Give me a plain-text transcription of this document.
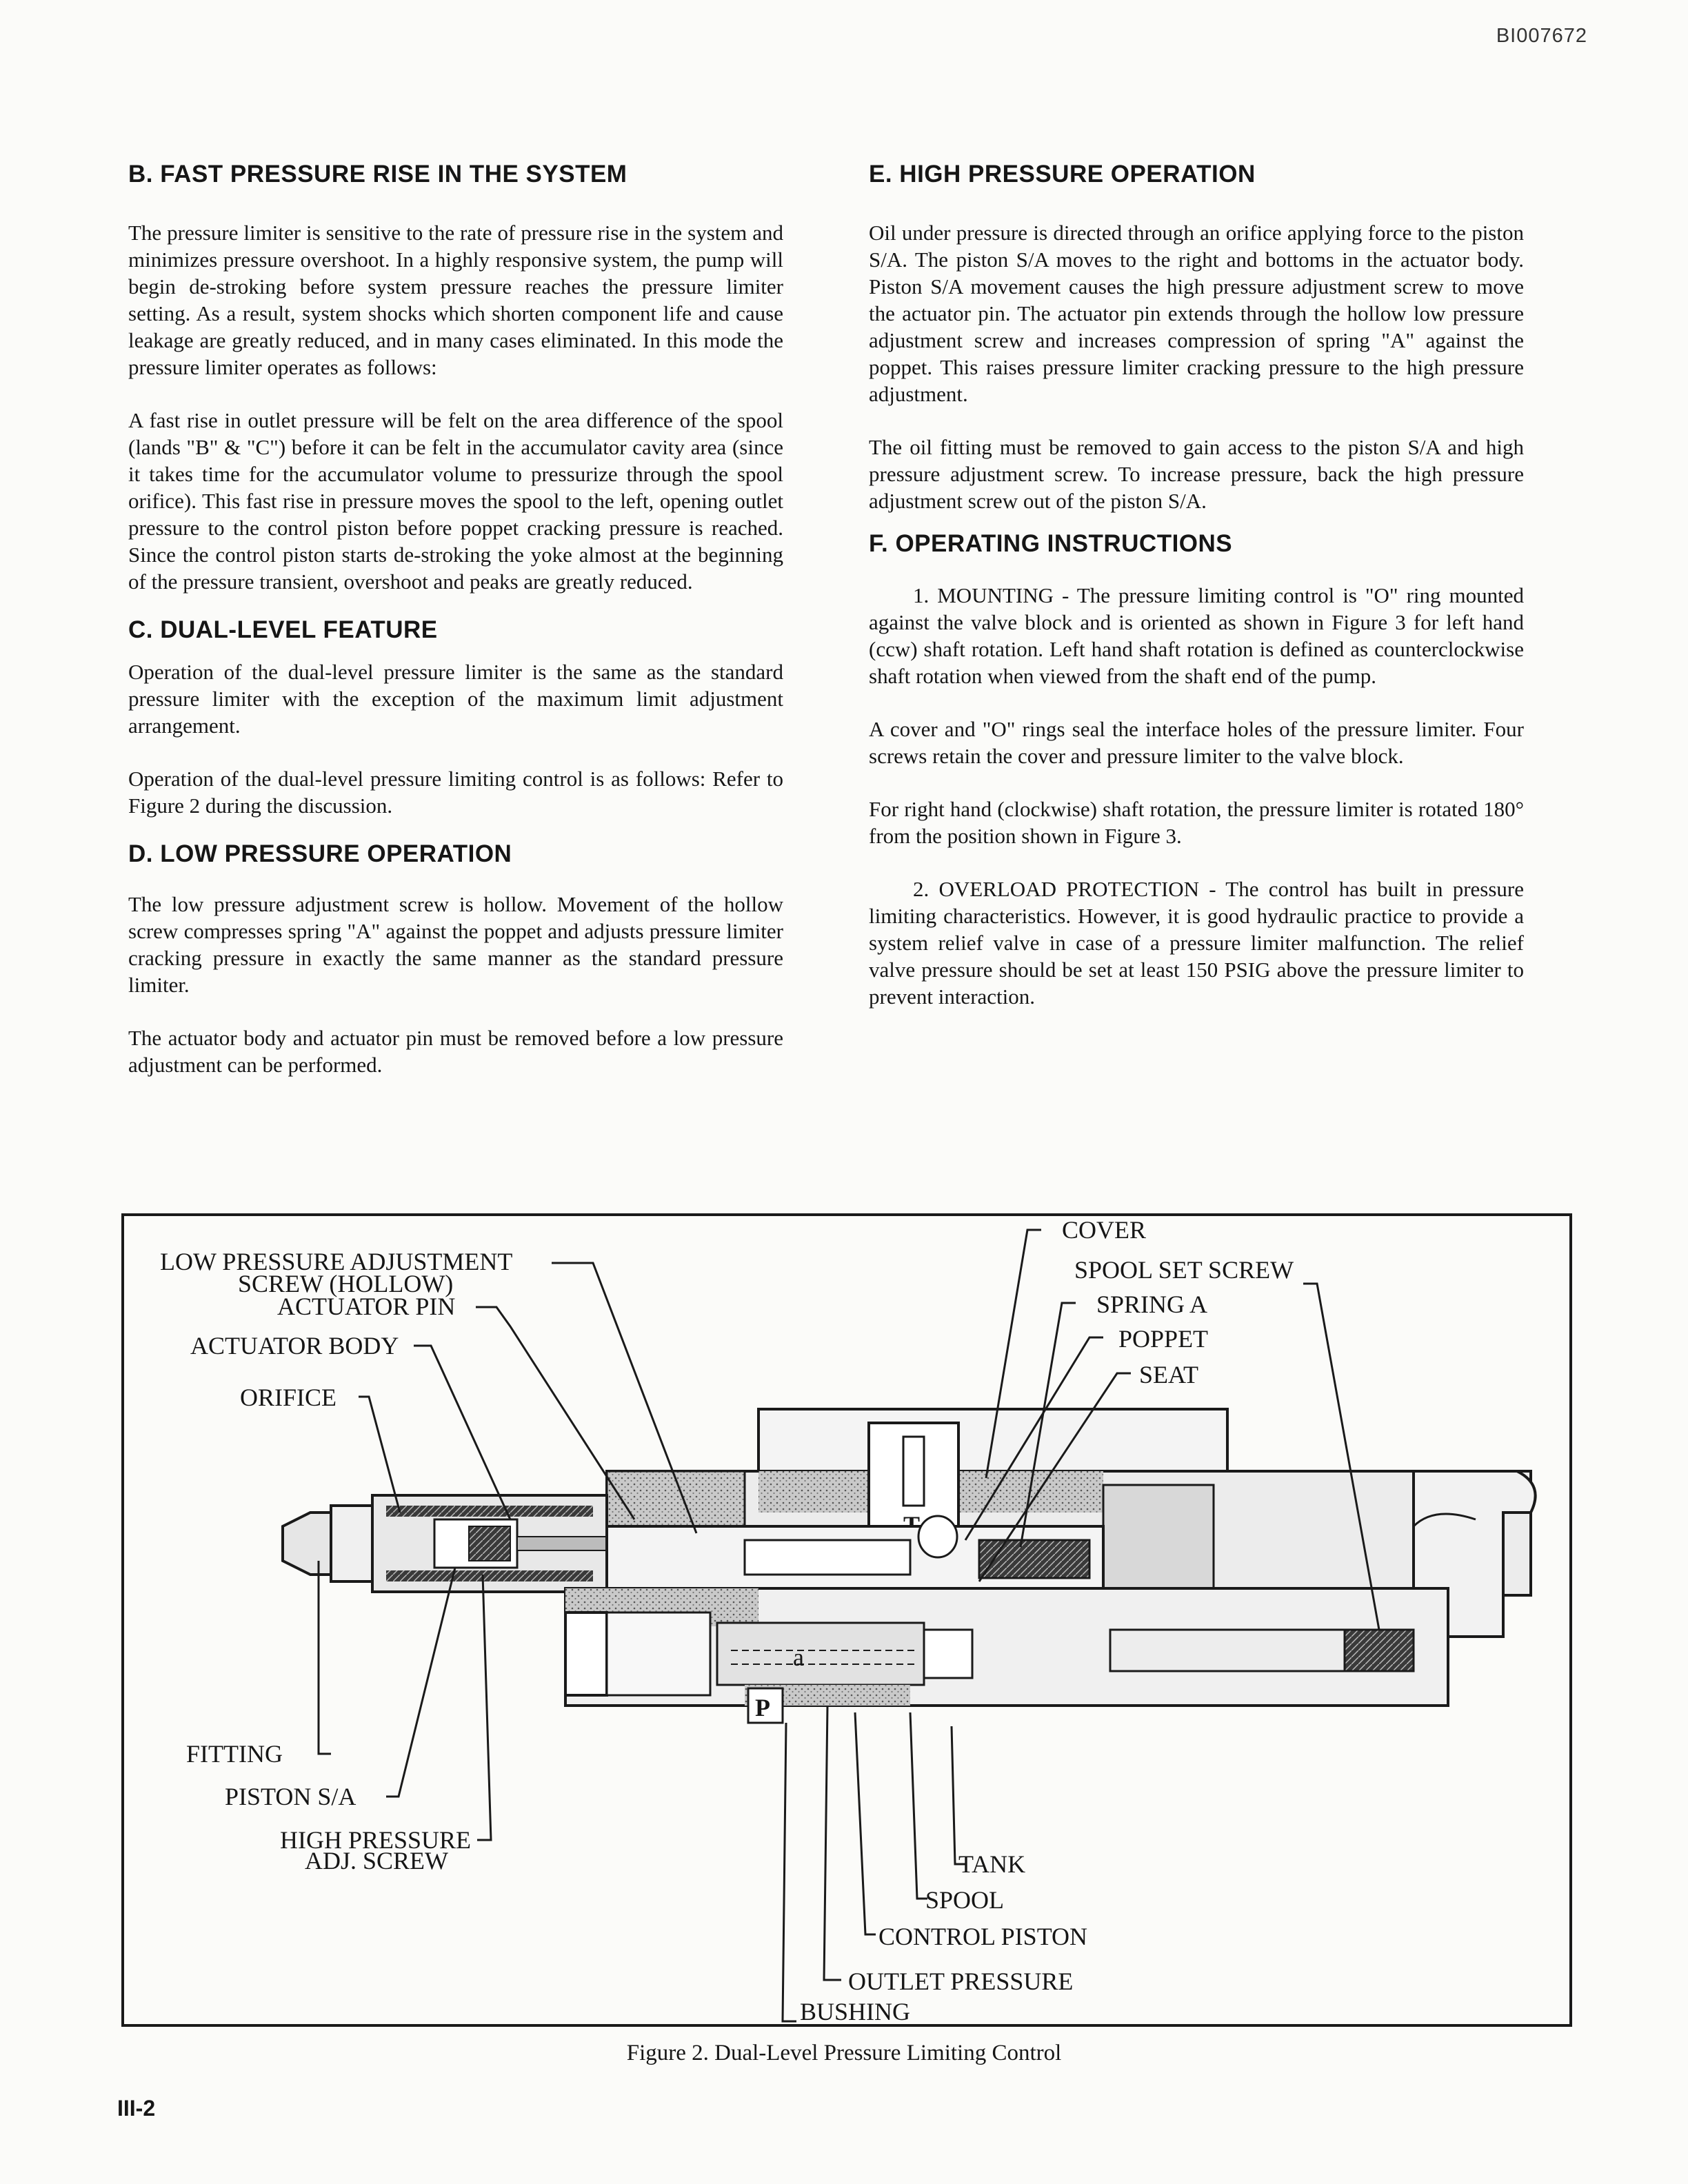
BI007672
B. FAST PRESSURE RISE IN THE SYSTEM

The pressure limiter is sensitive to the rate of pressure rise in the system and minimizes pressure overshoot. In a highly responsive system, the pump will begin de-stroking before system pressure reaches the pressure limiter setting. As a result, system shocks which shorten component life and cause leakage are greatly reduced, and in many cases eliminated. In this mode the pressure limiter operates as follows:

A fast rise in outlet pressure will be felt on the area difference of the spool (lands "B" & "C") before it can be felt in the accumulator cavity area (since it takes time for the accumulator volume to pressurize through the spool orifice). This fast rise in pressure moves the spool to the left, opening outlet pressure to the control piston before poppet cracking pressure is reached. Since the control piston starts de-stroking the yoke almost at the beginning of the pressure transient, overshoot and peaks are greatly reduced.

C. DUAL-LEVEL FEATURE

Operation of the dual-level pressure limiter is the same as the standard pressure limiter with the exception of the maximum limit adjustment arrangement.

Operation of the dual-level pressure limiting control is as follows: Refer to Figure 2 during the discussion.

D. LOW PRESSURE OPERATION

The low pressure adjustment screw is hollow. Movement of the hollow screw compresses spring "A" against the poppet and adjusts pressure limiter cracking pressure in exactly the same manner as the standard pressure limiter.

The actuator body and actuator pin must be removed before a low pressure adjustment can be performed.

E. HIGH PRESSURE OPERATION

Oil under pressure is directed through an orifice applying force to the piston S/A. The piston S/A moves to the right and bottoms in the actuator body. Piston S/A movement causes the high pressure adjustment screw to move the actuator pin. The actuator pin extends through the hollow low pressure adjustment screw and increases compression of spring "A" against the poppet. This raises pressure limiter cracking pressure to the high pressure adjustment.

The oil fitting must be removed to gain access to the piston S/A and high pressure adjustment screw. To increase pressure, back the high pressure adjustment screw out of the piston S/A.

F. OPERATING INSTRUCTIONS

1. MOUNTING - The pressure limiting control is "O" ring mounted against the valve block and is oriented as shown in Figure 3 for left hand (ccw) shaft rotation. Left hand shaft rotation is defined as counterclockwise shaft rotation when viewed from the shaft end of the pump.

A cover and "O" rings seal the interface holes of the pressure limiter. Four screws retain the cover and pressure limiter to the valve block.

For right hand (clockwise) shaft rotation, the pressure limiter is rotated 180° from the position shown in Figure 3.

2. OVERLOAD PROTECTION - The control has built in pressure limiting characteristics. However, it is good hydraulic practice to provide a system relief valve in case of a pressure limiter malfunction. The relief valve pressure should be set at least 150 PSIG above the pressure limiter to prevent interaction.

a
P
LOW PRESSURE ADJUSTMENT
SCREW (HOLLOW)
ACTUATOR PIN
ACTUATOR BODY
ORIFICE
FITTING
PISTON S/A
HIGH PRESSURE
ADJ. SCREW
COVER
SPOOL SET SCREW
SPRING A
POPPET
SEAT
TANK
SPOOL
CONTROL PISTON
OUTLET PRESSURE
BUSHING
Figure 2. Dual-Level Pressure Limiting Control
III-2
